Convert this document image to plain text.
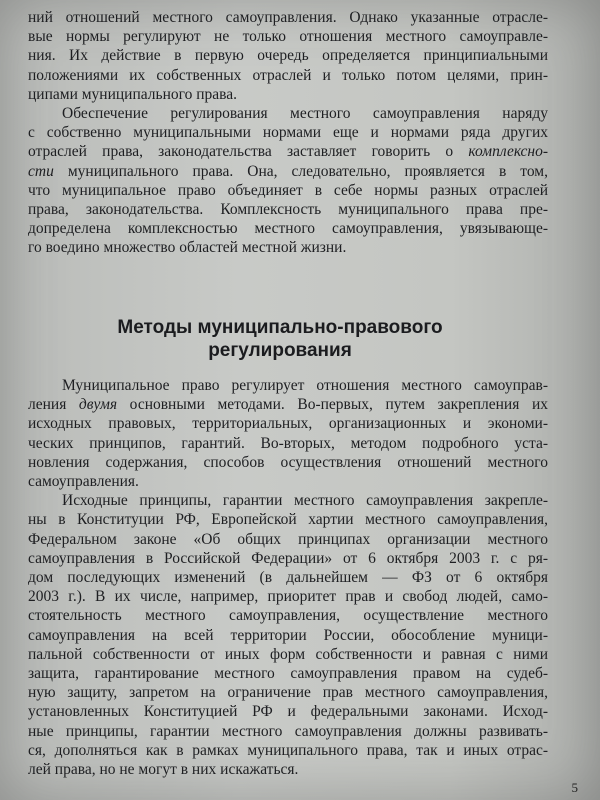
ний отношений местного самоуправления. Однако указанные отрасле-
вые нормы регулируют не только отношения местного самоуправле-
ния. Их действие в первую очередь определяется принципиальными
положениями их собственных отраслей и только потом целями, прин-
ципами муниципального права.
Обеспечение регулирования местного самоуправления наряду
с собственно муниципальными нормами еще и нормами ряда других
отраслей права, законодательства заставляет говорить о комплексно-
сти муниципального права. Она, следовательно, проявляется в том,
что муниципальное право объединяет в себе нормы разных отраслей
права, законодательства. Комплексность муниципального права пре-
допределена комплексностью местного самоуправления, увязывающе-
го воедино множество областей местной жизни.
Методы муниципально-правового
регулирования
Муниципальное право регулирует отношения местного самоуправ-
ления двумя основными методами. Во-первых, путем закрепления их
исходных правовых, территориальных, организационных и экономи-
ческих принципов, гарантий. Во-вторых, методом подробного уста-
новления содержания, способов осуществления отношений местного
самоуправления.
Исходные принципы, гарантии местного самоуправления закрепле-
ны в Конституции РФ, Европейской хартии местного самоуправления,
Федеральном законе «Об общих принципах организации местного
самоуправления в Российской Федерации» от 6 октября 2003 г. с ря-
дом последующих изменений (в дальнейшем — ФЗ от 6 октября
2003 г.). В их числе, например, приоритет прав и свобод людей, само-
стоятельность местного самоуправления, осуществление местного
самоуправления на всей территории России, обособление муници-
пальной собственности от иных форм собственности и равная с ними
защита, гарантирование местного самоуправления правом на судеб-
ную защиту, запретом на ограничение прав местного самоуправления,
установленных Конституцией РФ и федеральными законами. Исход-
ные принципы, гарантии местного самоуправления должны развивать-
ся, дополняться как в рамках муниципального права, так и иных отрас-
лей права, но не могут в них искажаться.
5
